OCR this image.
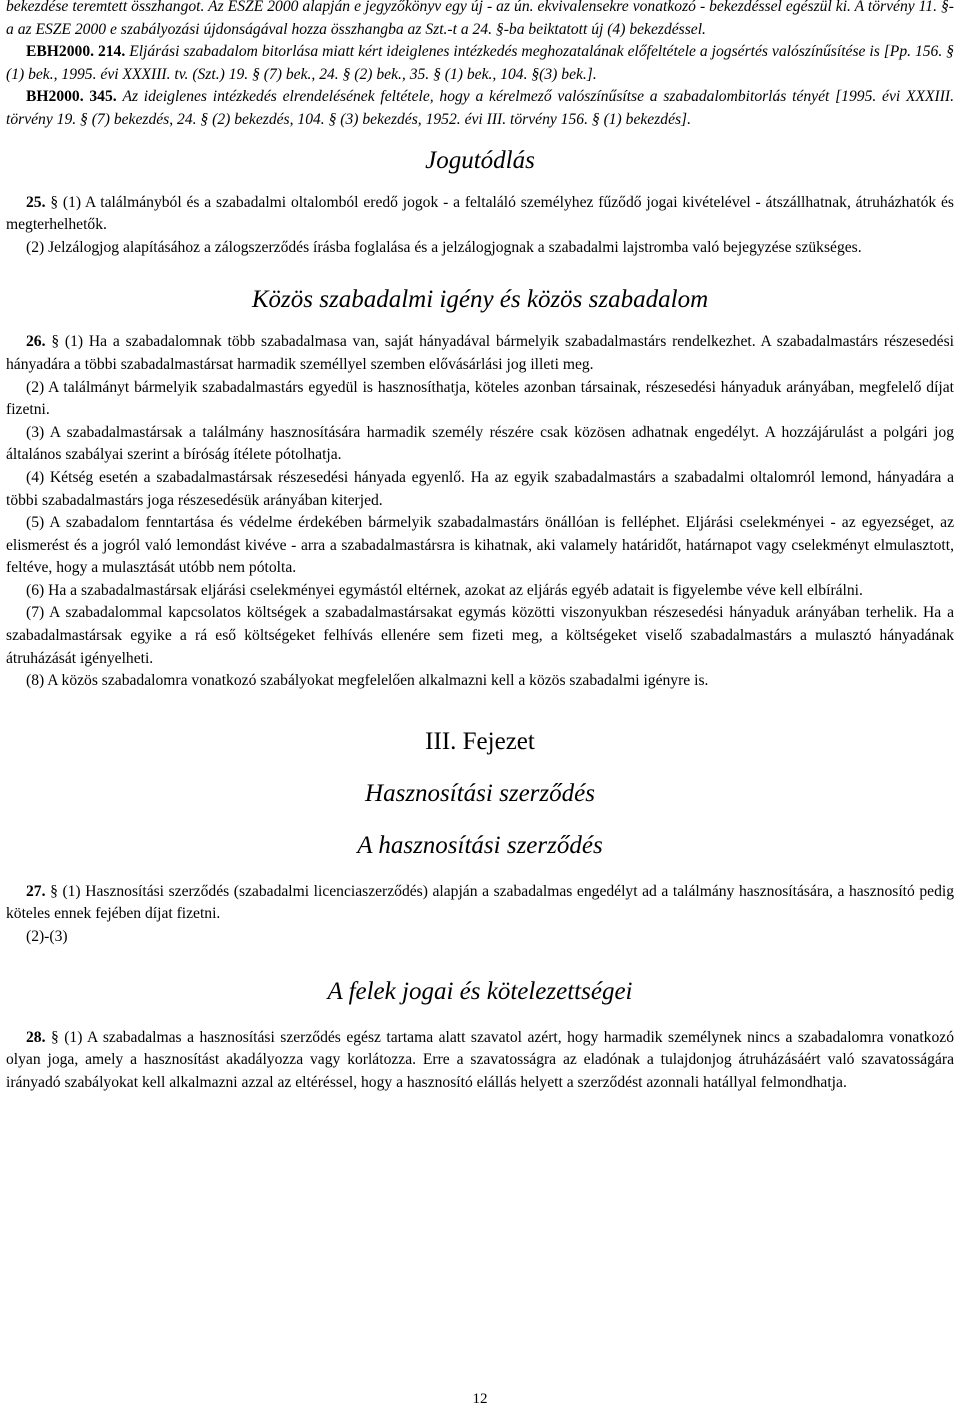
bekezdése teremtett összhangot. Az ESZE 2000 alapján e jegyzőkönyv egy új - az ún. ekvivalensekre vonatkozó - bekezdéssel egészül ki. A törvény 11. §-a az ESZE 2000 e szabályozási újdonságával hozza összhangba az Szt.-t a 24. §-ba beiktatott új (4) bekezdéssel.

EBH2000. 214. Eljárási szabadalom bitorlása miatt kért ideiglenes intézkedés meghozatalának előfeltétele a jogsértés valószínűsítése is [Pp. 156. § (1) bek., 1995. évi XXXIII. tv. (Szt.) 19. § (7) bek., 24. § (2) bek., 35. § (1) bek., 104. §(3) bek.].

BH2000. 345. Az ideiglenes intézkedés elrendelésének feltétele, hogy a kérelmező valószínűsítse a szabadalombitorlás tényét [1995. évi XXXIII. törvény 19. § (7) bekezdés, 24. § (2) bekezdés, 104. § (3) bekezdés, 1952. évi III. törvény 156. § (1) bekezdés].

Jogutódlás

25. § (1) A találmányból és a szabadalmi oltalomból eredő jogok - a feltaláló személyhez fűződő jogai kivételével - átszállhatnak, átruházhatók és megterhelhetők.

(2) Jelzálogjog alapításához a zálogszerződés írásba foglalása és a jelzálogjognak a szabadalmi lajstromba való bejegyzése szükséges.

Közös szabadalmi igény és közös szabadalom

26. § (1) Ha a szabadalomnak több szabadalmasa van, saját hányadával bármelyik szabadalmastárs rendelkezhet. A szabadalmastárs részesedési hányadára a többi szabadalmastársat harmadik személlyel szemben elővásárlási jog illeti meg.

(2) A találmányt bármelyik szabadalmastárs egyedül is hasznosíthatja, köteles azonban társainak, részesedési hányaduk arányában, megfelelő díjat fizetni.

(3) A szabadalmastársak a találmány hasznosítására harmadik személy részére csak közösen adhatnak engedélyt. A hozzájárulást a polgári jog általános szabályai szerint a bíróság ítélete pótolhatja.

(4) Kétség esetén a szabadalmastársak részesedési hányada egyenlő. Ha az egyik szabadalmastárs a szabadalmi oltalomról lemond, hányadára a többi szabadalmastárs joga részesedésük arányában kiterjed.

(5) A szabadalom fenntartása és védelme érdekében bármelyik szabadalmastárs önállóan is felléphet. Eljárási cselekményei - az egyezséget, az elismerést és a jogról való lemondást kivéve - arra a szabadalmastársra is kihatnak, aki valamely határidőt, határnapot vagy cselekményt elmulasztott, feltéve, hogy a mulasztását utóbb nem pótolta.

(6) Ha a szabadalmastársak eljárási cselekményei egymástól eltérnek, azokat az eljárás egyéb adatait is figyelembe véve kell elbírálni.

(7) A szabadalommal kapcsolatos költségek a szabadalmastársakat egymás közötti viszonyukban részesedési hányaduk arányában terhelik. Ha a szabadalmastársak egyike a rá eső költségeket felhívás ellenére sem fizeti meg, a költségeket viselő szabadalmastárs a mulasztó hányadának átruházását igényelheti.

(8) A közös szabadalomra vonatkozó szabályokat megfelelően alkalmazni kell a közös szabadalmi igényre is.

III. Fejezet
Hasznosítási szerződés
A hasznosítási szerződés

27. § (1) Hasznosítási szerződés (szabadalmi licenciaszerződés) alapján a szabadalmas engedélyt ad a találmány hasznosítására, a hasznosító pedig köteles ennek fejében díjat fizetni.

(2)-(3)

A felek jogai és kötelezettségei

28. § (1) A szabadalmas a hasznosítási szerződés egész tartama alatt szavatol azért, hogy harmadik személynek nincs a szabadalomra vonatkozó olyan joga, amely a hasznosítást akadályozza vagy korlátozza. Erre a szavatosságra az eladónak a tulajdonjog átruházásáért való szavatosságára irányadó szabályokat kell alkalmazni azzal az eltéréssel, hogy a hasznosító elállás helyett a szerződést azonnali hatállyal felmondhatja.

12
